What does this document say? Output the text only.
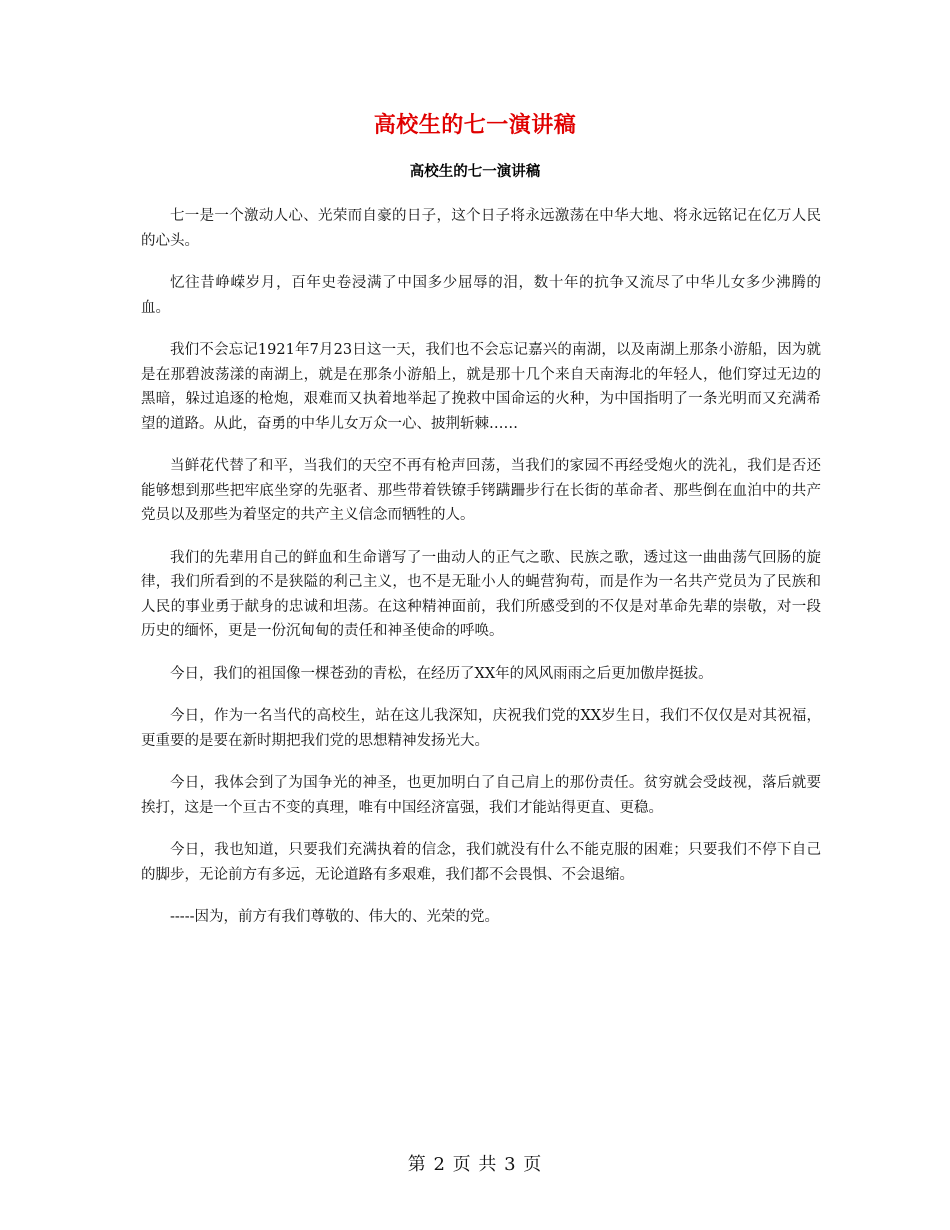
高校生的七一演讲稿
高校生的七一演讲稿

七一是一个激动人心、光荣而自豪的日子，这个日子将永远激荡在中华大地、将永远铭记在亿万人民的心头。

忆往昔峥嵘岁月，百年史卷浸满了中国多少屈辱的泪，数十年的抗争又流尽了中华儿女多少沸腾的血。

我们不会忘记1921年7月23日这一天，我们也不会忘记嘉兴的南湖，以及南湖上那条小游船，因为就是在那碧波荡漾的南湖上，就是在那条小游船上，就是那十几个来自天南海北的年轻人，他们穿过无边的黑暗，躲过追逐的枪炮，艰难而又执着地举起了挽救中国命运的火种，为中国指明了一条光明而又充满希望的道路。从此，奋勇的中华儿女万众一心、披荆斩棘……

当鲜花代替了和平，当我们的天空不再有枪声回荡，当我们的家园不再经受炮火的洗礼，我们是否还能够想到那些把牢底坐穿的先驱者、那些带着铁镣手铐蹒跚步行在长街的革命者、那些倒在血泊中的共产党员以及那些为着坚定的共产主义信念而牺牲的人。

我们的先辈用自己的鲜血和生命谱写了一曲动人的正气之歌、民族之歌，透过这一曲曲荡气回肠的旋律，我们所看到的不是狭隘的利己主义，也不是无耻小人的蝇营狗苟，而是作为一名共产党员为了民族和人民的事业勇于献身的忠诚和坦荡。在这种精神面前，我们所感受到的不仅是对革命先辈的崇敬，对一段历史的缅怀，更是一份沉甸甸的责任和神圣使命的呼唤。

今日，我们的祖国像一棵苍劲的青松，在经历了XX年的风风雨雨之后更加傲岸挺拔。

今日，作为一名当代的高校生，站在这儿我深知，庆祝我们党的XX岁生日，我们不仅仅是对其祝福，更重要的是要在新时期把我们党的思想精神发扬光大。

今日，我体会到了为国争光的神圣，也更加明白了自己肩上的那份责任。贫穷就会受歧视，落后就要挨打，这是一个亘古不变的真理，唯有中国经济富强，我们才能站得更直、更稳。

今日，我也知道，只要我们充满执着的信念，我们就没有什么不能克服的困难；只要我们不停下自己的脚步，无论前方有多远，无论道路有多艰难，我们都不会畏惧、不会退缩。

-----因为，前方有我们尊敬的、伟大的、光荣的党。

第 2 页 共 3 页
